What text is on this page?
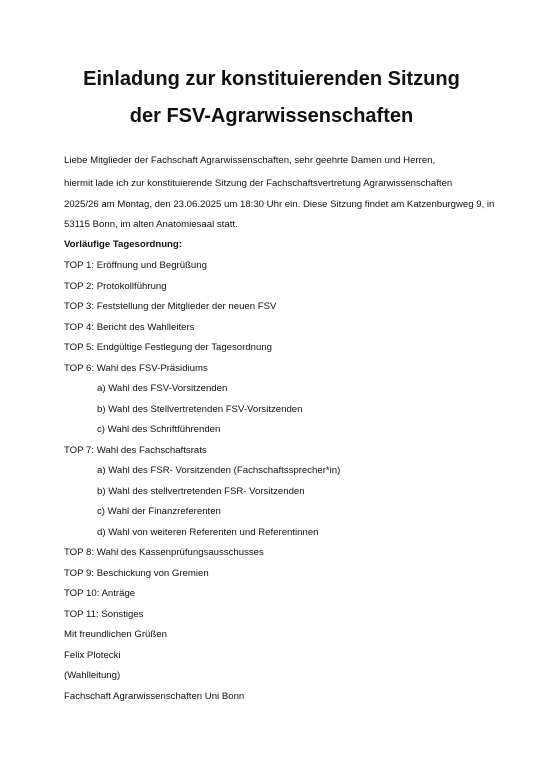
Einladung zur konstituierenden Sitzung
der FSV-Agrarwissenschaften
Liebe Mitglieder der Fachschaft Agrarwissenschaften, sehr geehrte Damen und Herren,
hiermit lade ich zur konstituierende Sitzung der Fachschaftsvertretung Agrarwissenschaften
2025/26 am Montag, den 23.06.2025 um 18:30 Uhr ein. Diese Sitzung findet am Katzenburgweg 9, in
53115 Bonn, im alten Anatomiesaal statt.
Vorläufige Tagesordnung:
TOP 1: Eröffnung und Begrüßung
TOP 2: Protokollführung
TOP 3: Feststellung der Mitglieder der neuen FSV
TOP 4: Bericht des Wahlleiters
TOP 5: Endgültige Festlegung der Tagesordnung
TOP 6: Wahl des FSV-Präsidiums
a) Wahl des FSV-Vorsitzenden
b) Wahl des Stellvertretenden FSV-Vorsitzenden
c) Wahl des Schriftführenden
TOP 7: Wahl des Fachschaftsrats
a) Wahl des FSR- Vorsitzenden (Fachschaftssprecher*in)
b) Wahl des stellvertretenden FSR- Vorsitzenden
c) Wahl der Finanzreferenten
d) Wahl von weiteren Referenten und Referentinnen
TOP 8: Wahl des Kassenprüfungsausschusses
TOP 9: Beschickung von Gremien
TOP 10: Anträge
TOP 11: Sonstiges
Mit freundlichen Grüßen
Felix Plotecki
(Wahlleitung)
Fachschaft Agrarwissenschaften Uni Bonn
